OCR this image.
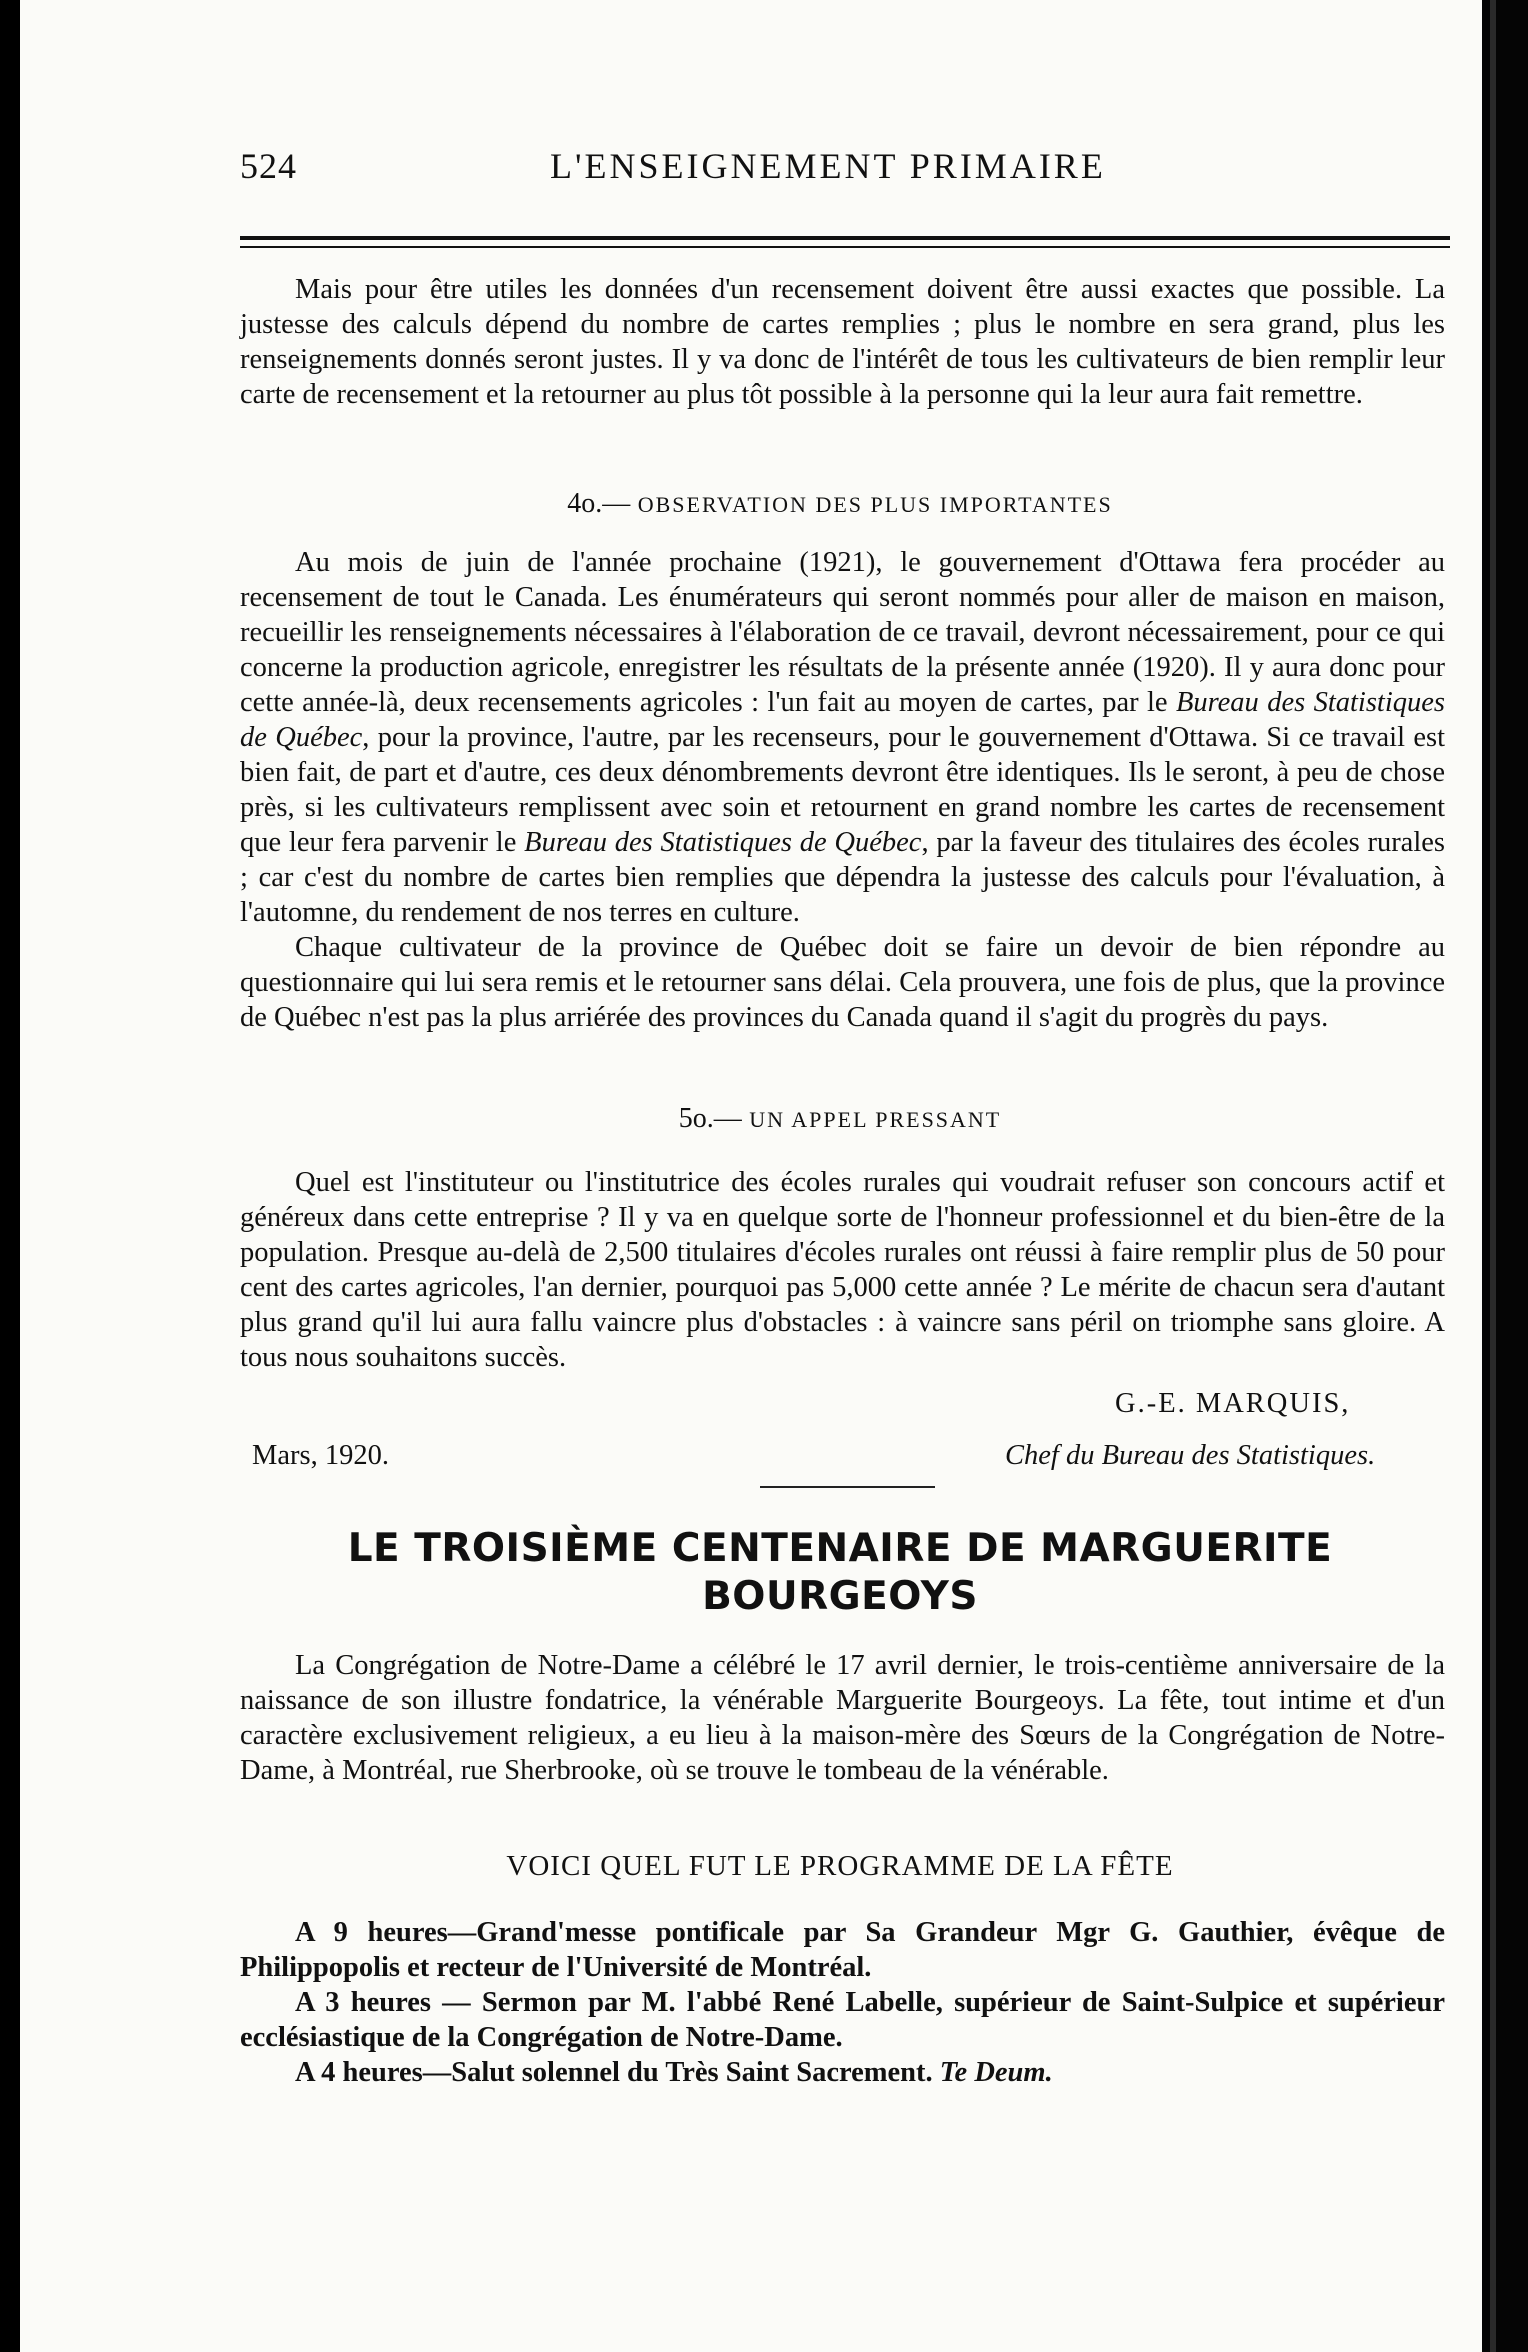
524	L'ENSEIGNEMENT PRIMAIRE

Mais pour être utiles les données d'un recensement doivent être aussi exactes que possible. La justesse des calculs dépend du nombre de cartes remplies ; plus le nombre en sera grand, plus les renseignements donnés seront justes. Il y va donc de l'intérêt de tous les cultivateurs de bien remplir leur carte de recensement et la retourner au plus tôt possible à la personne qui la leur aura fait remettre.

4o.— OBSERVATION DES PLUS IMPORTANTES

Au mois de juin de l'année prochaine (1921), le gouvernement d'Ottawa fera procéder au recensement de tout le Canada. Les énumérateurs qui seront nommés pour aller de maison en maison, recueillir les renseignements nécessaires à l'élaboration de ce travail, devront nécessairement, pour ce qui concerne la production agricole, enregistrer les résultats de la présente année (1920). Il y aura donc pour cette année-là, deux recensements agricoles : l'un fait au moyen de cartes, par le Bureau des Statistiques de Québec, pour la province, l'autre, par les recenseurs, pour le gouvernement d'Ottawa. Si ce travail est bien fait, de part et d'autre, ces deux dénombrements devront être identiques. Ils le seront, à peu de chose près, si les cultivateurs remplissent avec soin et retournent en grand nombre les cartes de recensement que leur fera parvenir le Bureau des Statistiques de Québec, par la faveur des titulaires des écoles rurales ; car c'est du nombre de cartes bien remplies que dépendra la justesse des calculs pour l'évaluation, à l'automne, du rendement de nos terres en culture.

Chaque cultivateur de la province de Québec doit se faire un devoir de bien répondre au questionnaire qui lui sera remis et le retourner sans délai. Cela prouvera, une fois de plus, que la province de Québec n'est pas la plus arriérée des provinces du Canada quand il s'agit du progrès du pays.

5o.— UN APPEL PRESSANT

Quel est l'instituteur ou l'institutrice des écoles rurales qui voudrait refuser son concours actif et généreux dans cette entreprise ? Il y va en quelque sorte de l'honneur professionnel et du bien-être de la population. Presque au-delà de 2,500 titulaires d'écoles rurales ont réussi à faire remplir plus de 50 pour cent des cartes agricoles, l'an dernier, pourquoi pas 5,000 cette année ? Le mérite de chacun sera d'autant plus grand qu'il lui aura fallu vaincre plus d'obstacles : à vaincre sans péril on triomphe sans gloire. A tous nous souhaitons succès.

G.-E. MARQUIS,
Mars, 1920.	Chef du Bureau des Statistiques.
LE TROISIÈME CENTENAIRE DE MARGUERITE
BOURGEOYS

La Congrégation de Notre-Dame a célébré le 17 avril dernier, le trois-centième anniversaire de la naissance de son illustre fondatrice, la vénérable Marguerite Bourgeoys. La fête, tout intime et d'un caractère exclusivement religieux, a eu lieu à la maison-mère des Sœurs de la Congrégation de Notre-Dame, à Montréal, rue Sherbrooke, où se trouve le tombeau de la vénérable.

VOICI QUEL FUT LE PROGRAMME DE LA FÊTE

A 9 heures—Grand'messe pontificale par Sa Grandeur Mgr G. Gauthier, évêque de Philippopolis et recteur de l'Université de Montréal.

A 3 heures — Sermon par M. l'abbé René Labelle, supérieur de Saint-Sulpice et supérieur ecclésiastique de la Congrégation de Notre-Dame.

A 4 heures—Salut solennel du Très Saint Sacrement. Te Deum.
